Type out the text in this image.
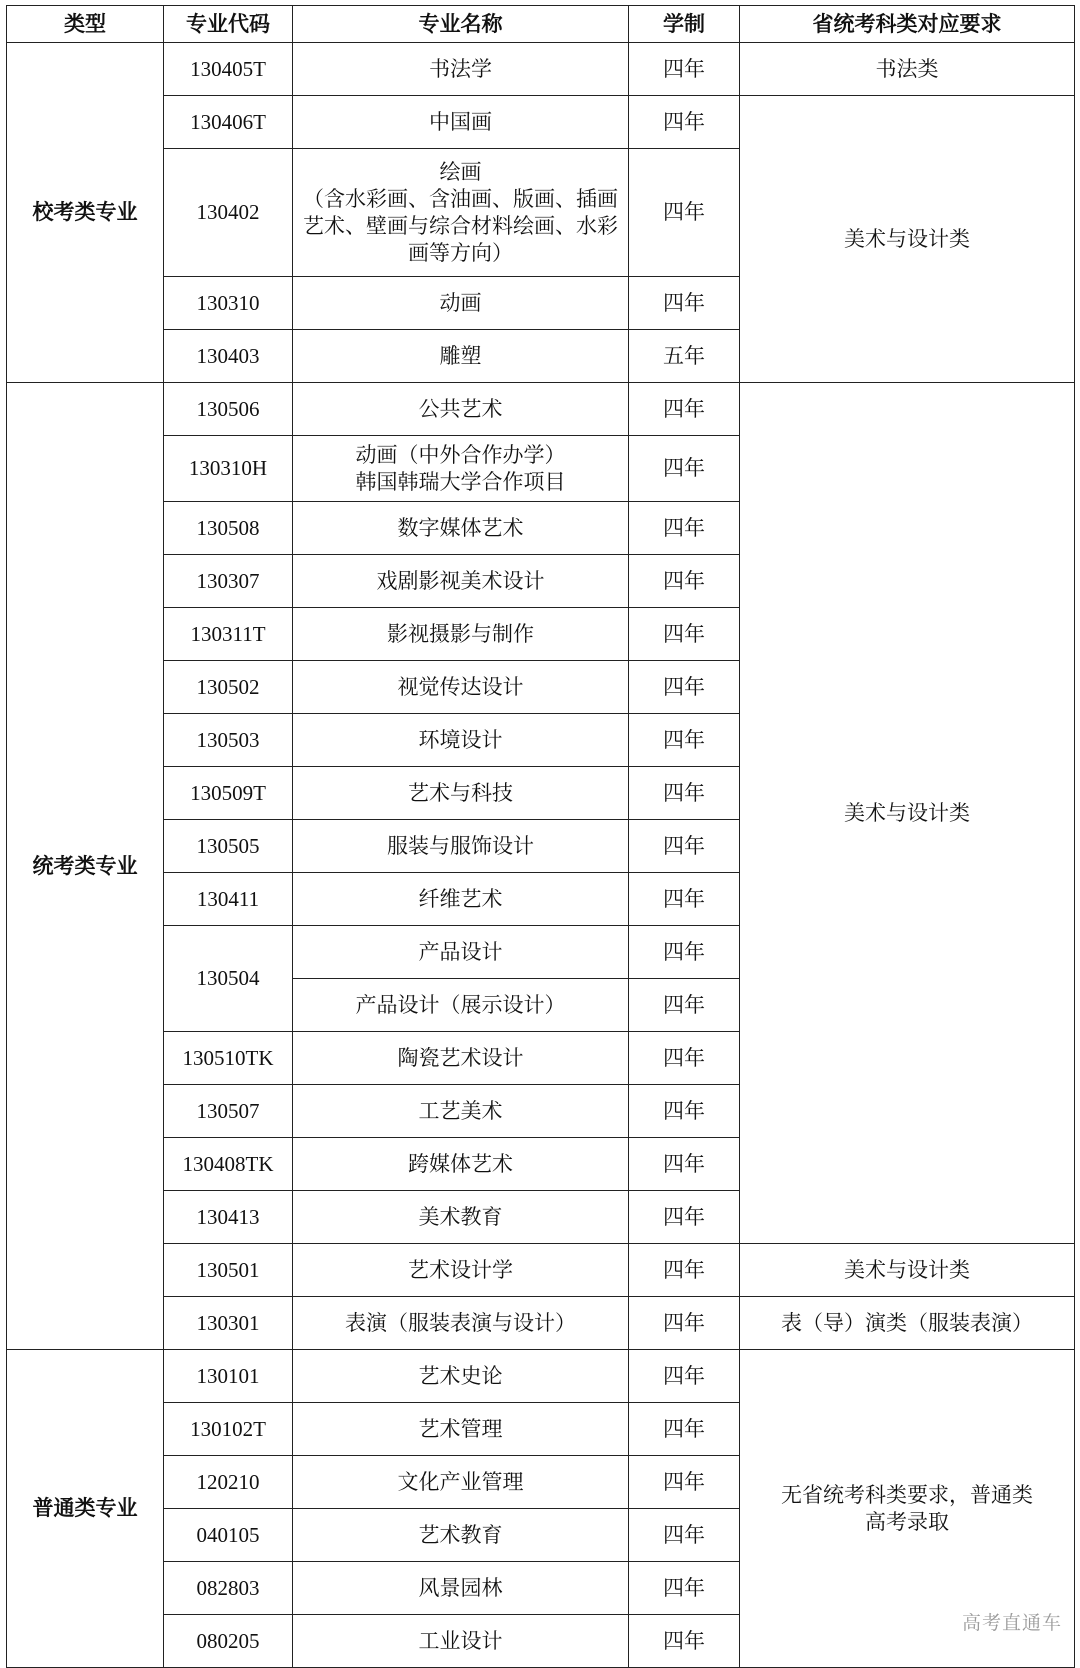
类型	专业代码	专业名称	学制	省统考科类对应要求
校考类专业	130405T	书法学	四年	书法类
	130406T	中国画	四年	美术与设计类
	130402	绘画
（含水彩画、含油画、版画、插画
艺术、壁画与综合材料绘画、水彩
画等方向）	四年	
	130310	动画	四年	
	130403	雕塑	五年	
统考类专业	130506	公共艺术	四年	美术与设计类
	130310H	动画（中外合作办学）
韩国韩瑞大学合作项目	四年	
	130508	数字媒体艺术	四年	
	130307	戏剧影视美术设计	四年	
	130311T	影视摄影与制作	四年	
	130502	视觉传达设计	四年	
	130503	环境设计	四年	
	130509T	艺术与科技	四年	
	130505	服装与服饰设计	四年	
	130411	纤维艺术	四年	
	130504	产品设计	四年	
		产品设计（展示设计）	四年	
	130510TK	陶瓷艺术设计	四年	
	130507	工艺美术	四年	
	130408TK	跨媒体艺术	四年	
	130413	美术教育	四年	
	130501	艺术设计学	四年	美术与设计类
	130301	表演（服装表演与设计）	四年	表（导）演类（服装表演）
普通类专业	130101	艺术史论	四年	无省统考科类要求，普通类
高考录取

	130102T	艺术管理	四年	
	120210	文化产业管理	四年	
	040105	艺术教育	四年	
	082803	风景园林	四年	
	080205	工业设计	四年	
高考直通车
